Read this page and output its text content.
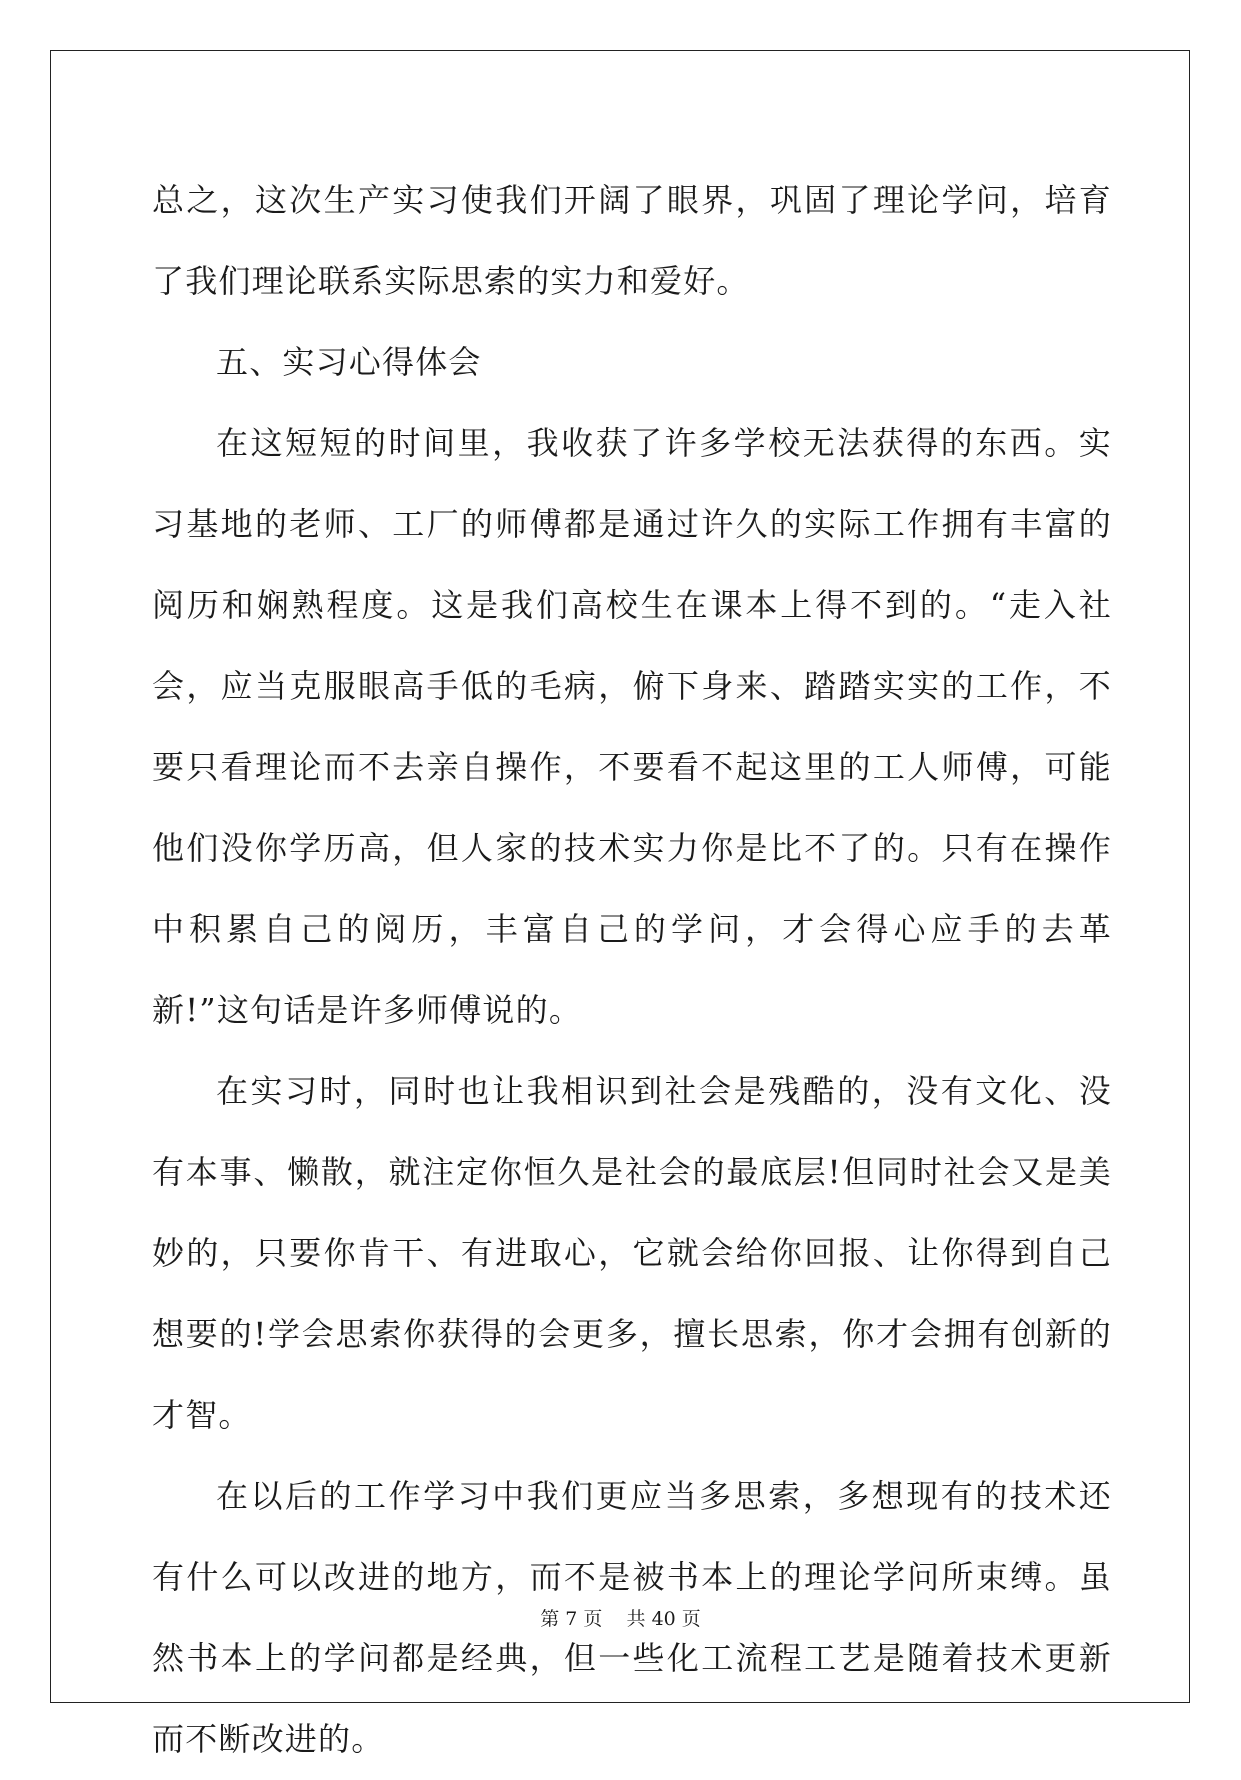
总之，这次生产实习使我们开阔了眼界，巩固了理论学问，培育了我们理论联系实际思索的实力和爱好。

五、实习心得体会

在这短短的时间里，我收获了许多学校无法获得的东西。实习基地的老师、工厂的师傅都是通过许久的实际工作拥有丰富的阅历和娴熟程度。这是我们高校生在课本上得不到的。“走入社会，应当克服眼高手低的毛病，俯下身来、踏踏实实的工作，不要只看理论而不去亲自操作，不要看不起这里的工人师傅，可能他们没你学历高，但人家的技术实力你是比不了的。只有在操作中积累自己的阅历，丰富自己的学问，才会得心应手的去革新!”这句话是许多师傅说的。

在实习时，同时也让我相识到社会是残酷的，没有文化、没有本事、懒散，就注定你恒久是社会的最底层!但同时社会又是美妙的，只要你肯干、有进取心，它就会给你回报、让你得到自己想要的!学会思索你获得的会更多，擅长思索，你才会拥有创新的才智。

在以后的工作学习中我们更应当多思索，多想现有的技术还有什么可以改进的地方，而不是被书本上的理论学问所束缚。虽然书本上的学问都是经典，但一些化工流程工艺是随着技术更新而不断改进的。

第 7 页    共 40 页
